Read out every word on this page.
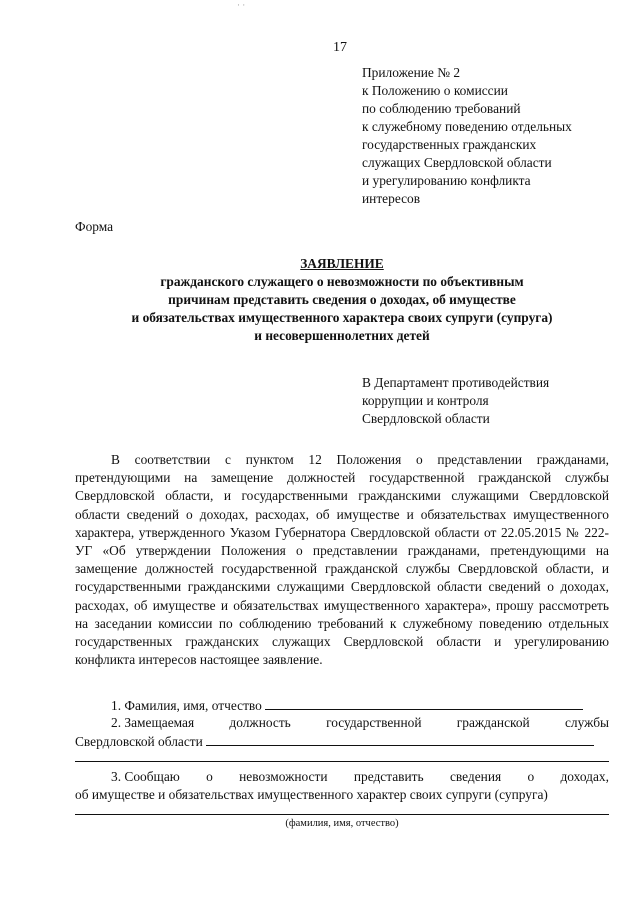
· ·
17
Приложение № 2
к Положению о комиссии
по соблюдению требований
к служебному поведению отдельных
государственных гражданских
служащих Свердловской области
и урегулированию конфликта
интересов
Форма
ЗАЯВЛЕНИЕ
гражданского служащего о невозможности по объективным
причинам представить сведения о доходах, об имуществе
и обязательствах имущественного характера своих супруги (супруга)
и несовершеннолетних детей
В Департамент противодействия
коррупции и контроля
Свердловской области
В соответствии с пунктом 12 Положения о представлении гражданами, претендующими на замещение должностей государственной гражданской службы Свердловской области, и государственными гражданскими служащими Свердловской области сведений о доходах, расходах, об имуществе и обязательствах имущественного характера, утвержденного Указом Губернатора Свердловской области от 22.05.2015 № 222-УГ «Об утверждении Положения о представлении гражданами, претендующими на замещение должностей государственной гражданской службы Свердловской области, и государственными гражданскими служащими Свердловской области сведений о доходах, расходах, об имуществе и обязательствах имущественного характера», прошу рассмотреть на заседании комиссии по соблюдению требований к служебному поведению отдельных государственных гражданских служащих Свердловской области и урегулированию конфликта интересов настоящее заявление.
1. Фамилия, имя, отчество
2. Замещаемая	должность	государственной	гражданской	службы
Свердловской области
3. Сообщаю о невозможности представить сведения о доходах,
об имуществе и обязательствах имущественного характер своих супруги (супруга)
(фамилия, имя, отчество)
